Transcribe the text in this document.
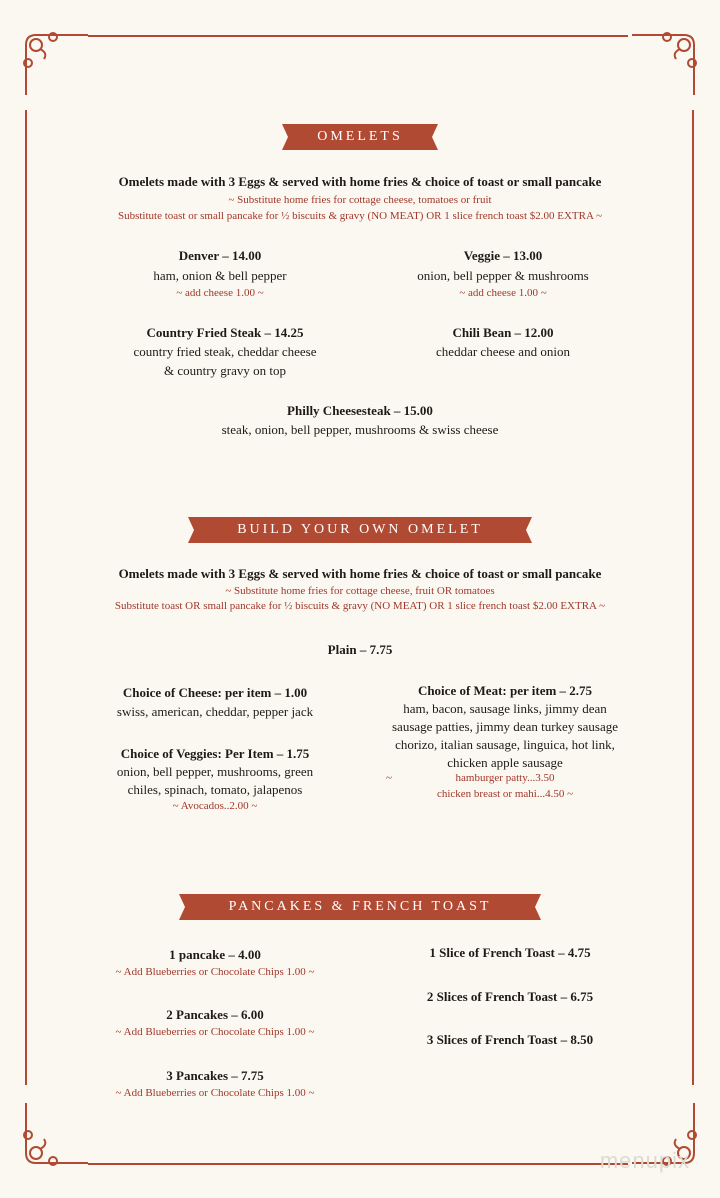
OMELETS
Omelets made with 3 Eggs & served with home fries & choice of toast or small pancake
~ Substitute home fries for cottage cheese, tomatoes or fruit
Substitute toast or small pancake for ½ biscuits & gravy (NO MEAT) OR 1 slice french toast $2.00 EXTRA ~
Denver – 14.00
ham, onion & bell pepper
~ add cheese 1.00 ~
Veggie – 13.00
onion, bell pepper & mushrooms
~ add cheese 1.00 ~
Country Fried Steak – 14.25
country fried steak, cheddar cheese
& country gravy on top
Chili Bean – 12.00
cheddar cheese and onion
Philly Cheesesteak – 15.00
steak, onion, bell pepper, mushrooms & swiss cheese
BUILD YOUR OWN OMELET
Omelets made with 3 Eggs & served with home fries & choice of toast or small pancake
~ Substitute home fries for cottage cheese, fruit OR tomatoes
Substitute toast OR small pancake for ½ biscuits & gravy (NO MEAT) OR 1 slice french toast $2.00 EXTRA ~
Plain – 7.75
Choice of Cheese: per item – 1.00
swiss, american, cheddar, pepper jack
Choice of Veggies: Per Item – 1.75
onion, bell pepper, mushrooms, green
chiles, spinach, tomato, jalapenos
~ Avocados..2.00 ~
Choice of Meat: per item – 2.75
ham, bacon, sausage links, jimmy dean
sausage patties, jimmy dean turkey sausage
chorizo, italian sausage, linguica, hot link,
chicken apple sausage
~	hamburger patty...3.50
chicken breast or mahi...4.50 ~
PANCAKES & FRENCH TOAST
1 pancake – 4.00
~ Add Blueberries or Chocolate Chips 1.00 ~
2 Pancakes – 6.00
~ Add Blueberries or Chocolate Chips 1.00 ~
3 Pancakes – 7.75
~ Add Blueberries or Chocolate Chips 1.00 ~
1 Slice of French Toast – 4.75
2 Slices of French Toast – 6.75
3 Slices of French Toast – 8.50
menupix
